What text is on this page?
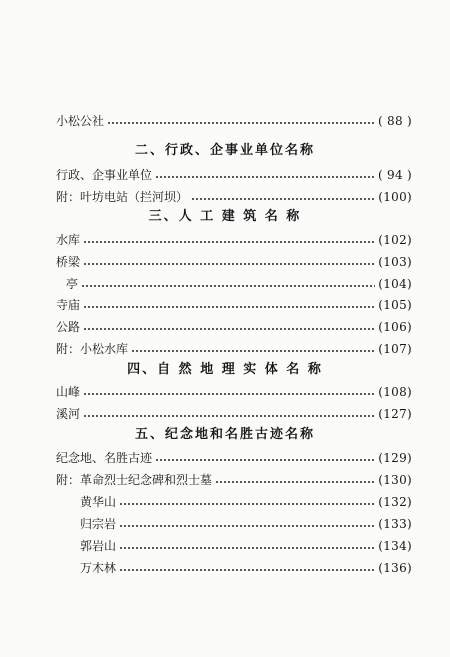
小松公社	( 88 )
二、行政、企事业单位名称
行政、企事业单位	( 94 )
附：叶坊电站（拦河坝）	(100)
三、人 工 建 筑 名 称
水库	(102)
桥梁	(103)
亭	(104)
寺庙	(105)
公路	(106)
附：小松水库	(107)
四、自 然 地 理 实 体 名 称
山峰	(108)
溪河	(127)
五、纪念地和名胜古迹名称
纪念地、名胜古迹	(129)
附：革命烈士纪念碑和烈士墓	(130)
黄华山	(132)
归宗岩	(133)
郭岩山	(134)
万木林	(136)
